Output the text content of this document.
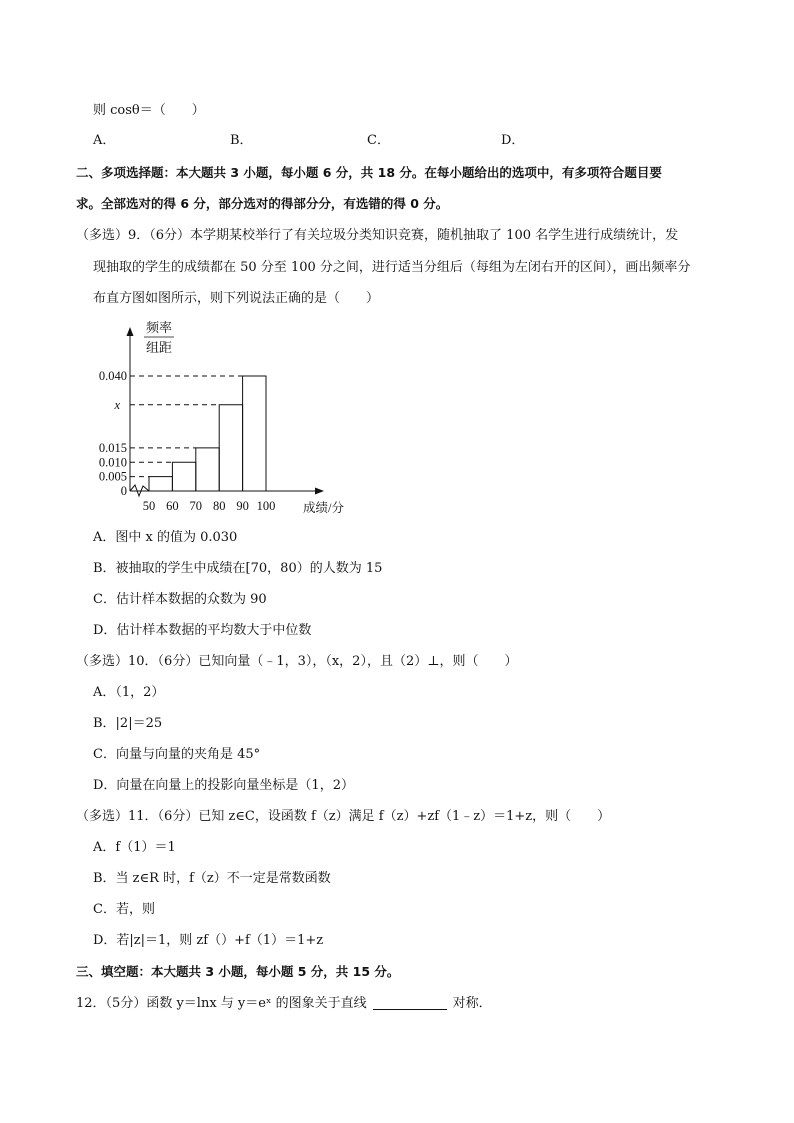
则 cosθ＝（　　）
A．	B．	C．	D．
二、多项选择题：本大题共 3 小题，每小题 6 分，共 18 分。在每小题给出的选项中，有多项符合题目要
求。全部选对的得 6 分，部分选对的得部分分，有选错的得 0 分。
（多选）9．（6分）本学期某校举行了有关垃圾分类知识竞赛，随机抽取了 100 名学生进行成绩统计，发
现抽取的学生的成绩都在 50 分至 100 分之间，进行适当分组后（每组为左闭右开的区间），画出频率分
布直方图如图所示，则下列说法正确的是（　　）
0.005
0.010
0.015
x
0.040
0
50 60 70 80 90 100
频率
组距
成绩/分
A．图中 x 的值为 0.030
B．被抽取的学生中成绩在[70，80）的人数为 15
C．估计样本数据的众数为 90
D．估计样本数据的平均数大于中位数
（多选）10．（6分）已知向量（﹣1，3），（x，2），且（2）⊥，则（　　）
A．（1，2）
B．|2|＝25
C．向量与向量的夹角是 45°
D．向量在向量上的投影向量坐标是（1，2）
（多选）11．（6分）已知 z∈C，设函数 f（z）满足 f（z）+zf（1﹣z）＝1+z，则（　　）
A．f（1）＝1
B．当 z∈R 时，f（z）不一定是常数函数
C．若，则
D．若|z|＝1，则 zf（）+f（1）＝1+z
三、填空题：本大题共 3 小题，每小题 5 分，共 15 分。
12．（5分）函数 y＝lnx 与 y＝eˣ 的图象关于直线	对称．
